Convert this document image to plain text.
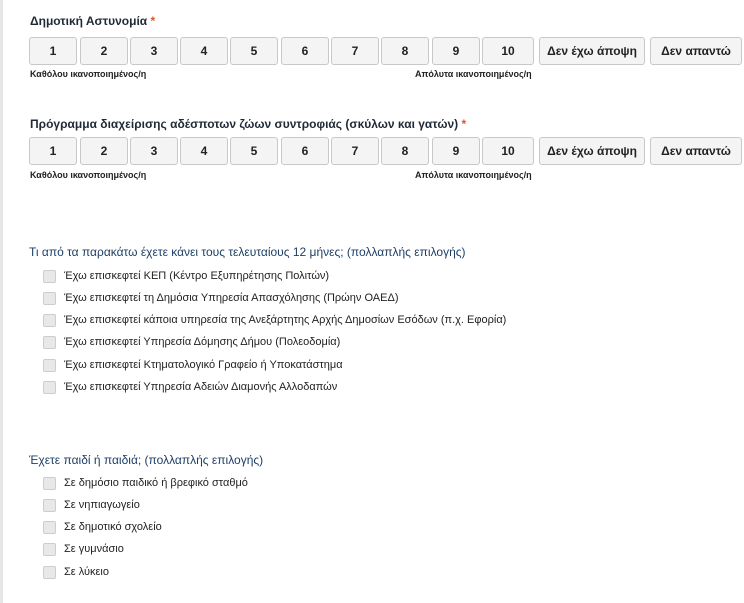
Δημοτική Αστυνομία *
1	2	3	4	5	6	7	8	9	10	Δεν έχω άποψη	Δεν απαντώ
Καθόλου ικανοποιημένος/η	Απόλυτα ικανοποιημένος/η
Πρόγραμμα διαχείρισης αδέσποτων ζώων συντροφιάς (σκύλων και γατών) *
1	2	3	4	5	6	7	8	9	10	Δεν έχω άποψη	Δεν απαντώ
Καθόλου ικανοποιημένος/η	Απόλυτα ικανοποιημένος/η
Τι από τα παρακάτω έχετε κάνει τους τελευταίους 12 μήνες; (πολλαπλής επιλογής)
Έχω επισκεφτεί ΚΕΠ (Κέντρο Εξυπηρέτησης Πολιτών)
Έχω επισκεφτεί τη Δημόσια Υπηρεσία Απασχόλησης (Πρώην ΟΑΕΔ)
Έχω επισκεφτεί κάποια υπηρεσία της Ανεξάρτητης Αρχής Δημοσίων Εσόδων (π.χ. Εφορία)
Έχω επισκεφτεί Υπηρεσία Δόμησης Δήμου (Πολεοδομία)
Έχω επισκεφτεί Κτηματολογικό Γραφείο ή Υποκατάστημα
Έχω επισκεφτεί Υπηρεσία Αδειών Διαμονής Αλλοδαπών
Έχετε παιδί ή παιδιά; (πολλαπλής επιλογής)
Σε δημόσιο παιδικό ή βρεφικό σταθμό
Σε νηπιαγωγείο
Σε δημοτικό σχολείο
Σε γυμνάσιο
Σε λύκειο
